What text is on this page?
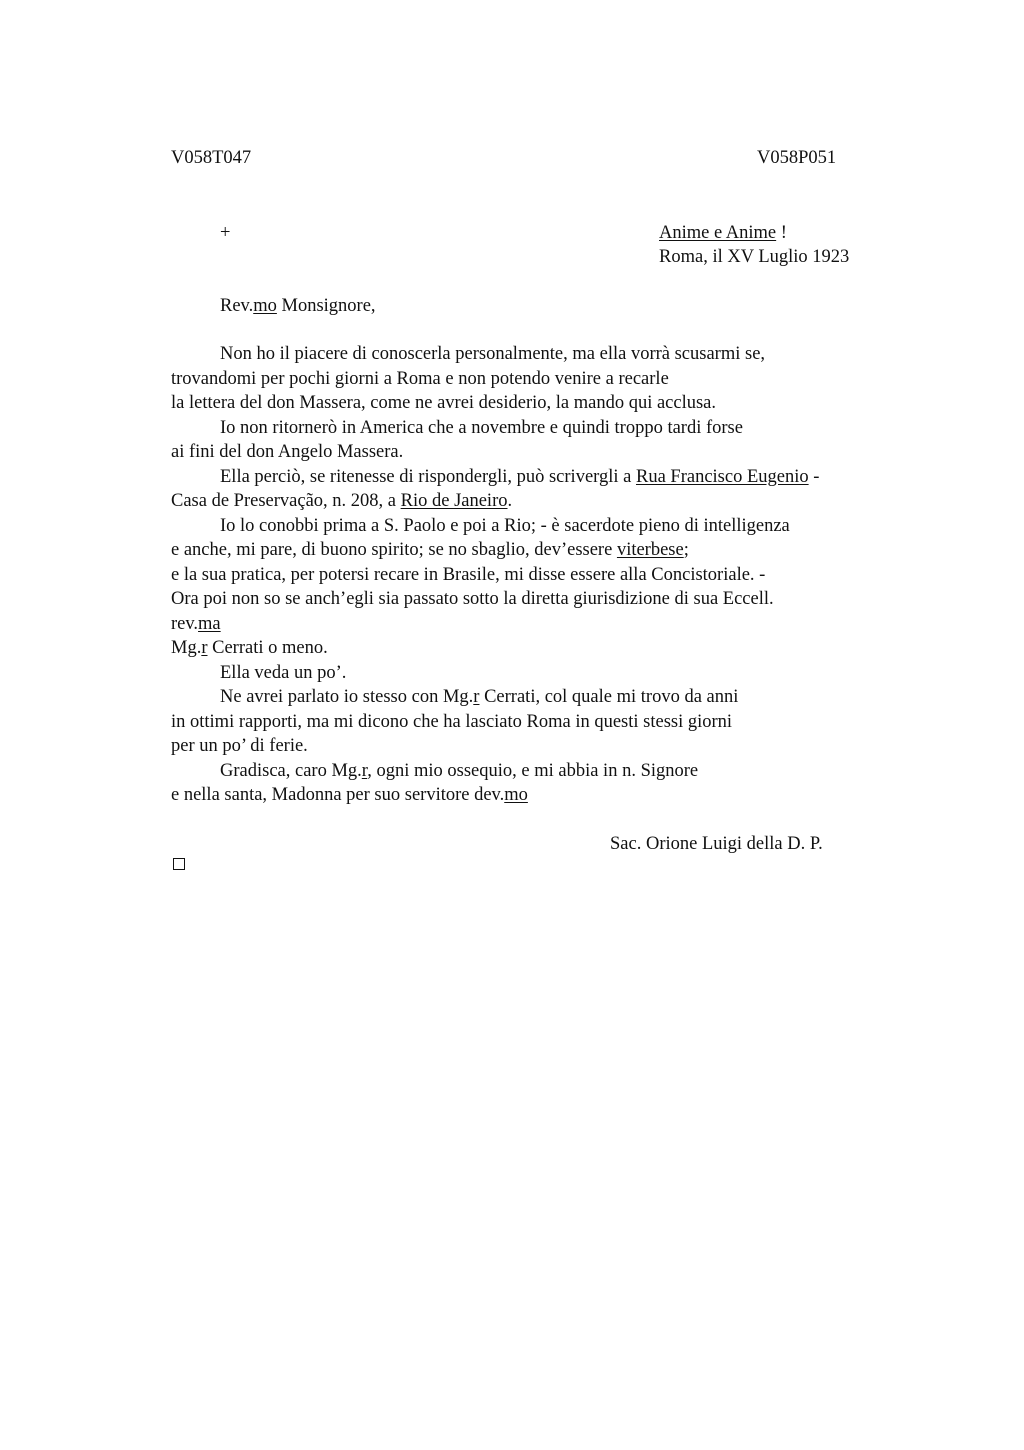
V058T047	V058P051
+	Anime e Anime !
Roma, il XV Luglio 1923
Rev.mo Monsignore,
Non ho il piacere di conoscerla personalmente, ma ella vorrà scusarmi se,
trovandomi per pochi giorni a Roma e non potendo venire a recarle
la lettera del don Massera, come ne avrei desiderio, la mando qui acclusa.
Io non ritornerò in America che a novembre e quindi troppo tardi forse
ai fini del don Angelo Massera.
Ella perciò, se ritenesse di rispondergli, può scrivergli a Rua Francisco Eugenio -
Casa de Preservação, n. 208, a Rio de Janeiro.
Io lo conobbi prima a S. Paolo e poi a Rio; - è sacerdote pieno di intelligenza
e anche, mi pare, di buono spirito; se no sbaglio, dev’essere viterbese;
e la sua pratica, per potersi recare in Brasile, mi disse essere alla Concistoriale. -
Ora poi non so se anch’egli sia passato sotto la diretta giurisdizione di sua Eccell.
rev.ma
Mg.r Cerrati o meno.
Ella veda un po’.
Ne avrei parlato io stesso con Mg.r Cerrati, col quale mi trovo da anni
in ottimi rapporti, ma mi dicono che ha lasciato Roma in questi stessi giorni
per un po’ di ferie.
Gradisca, caro Mg.r, ogni mio ossequio, e mi abbia in n. Signore
e nella santa, Madonna per suo servitore dev.mo
Sac. Orione Luigi della D. P.
